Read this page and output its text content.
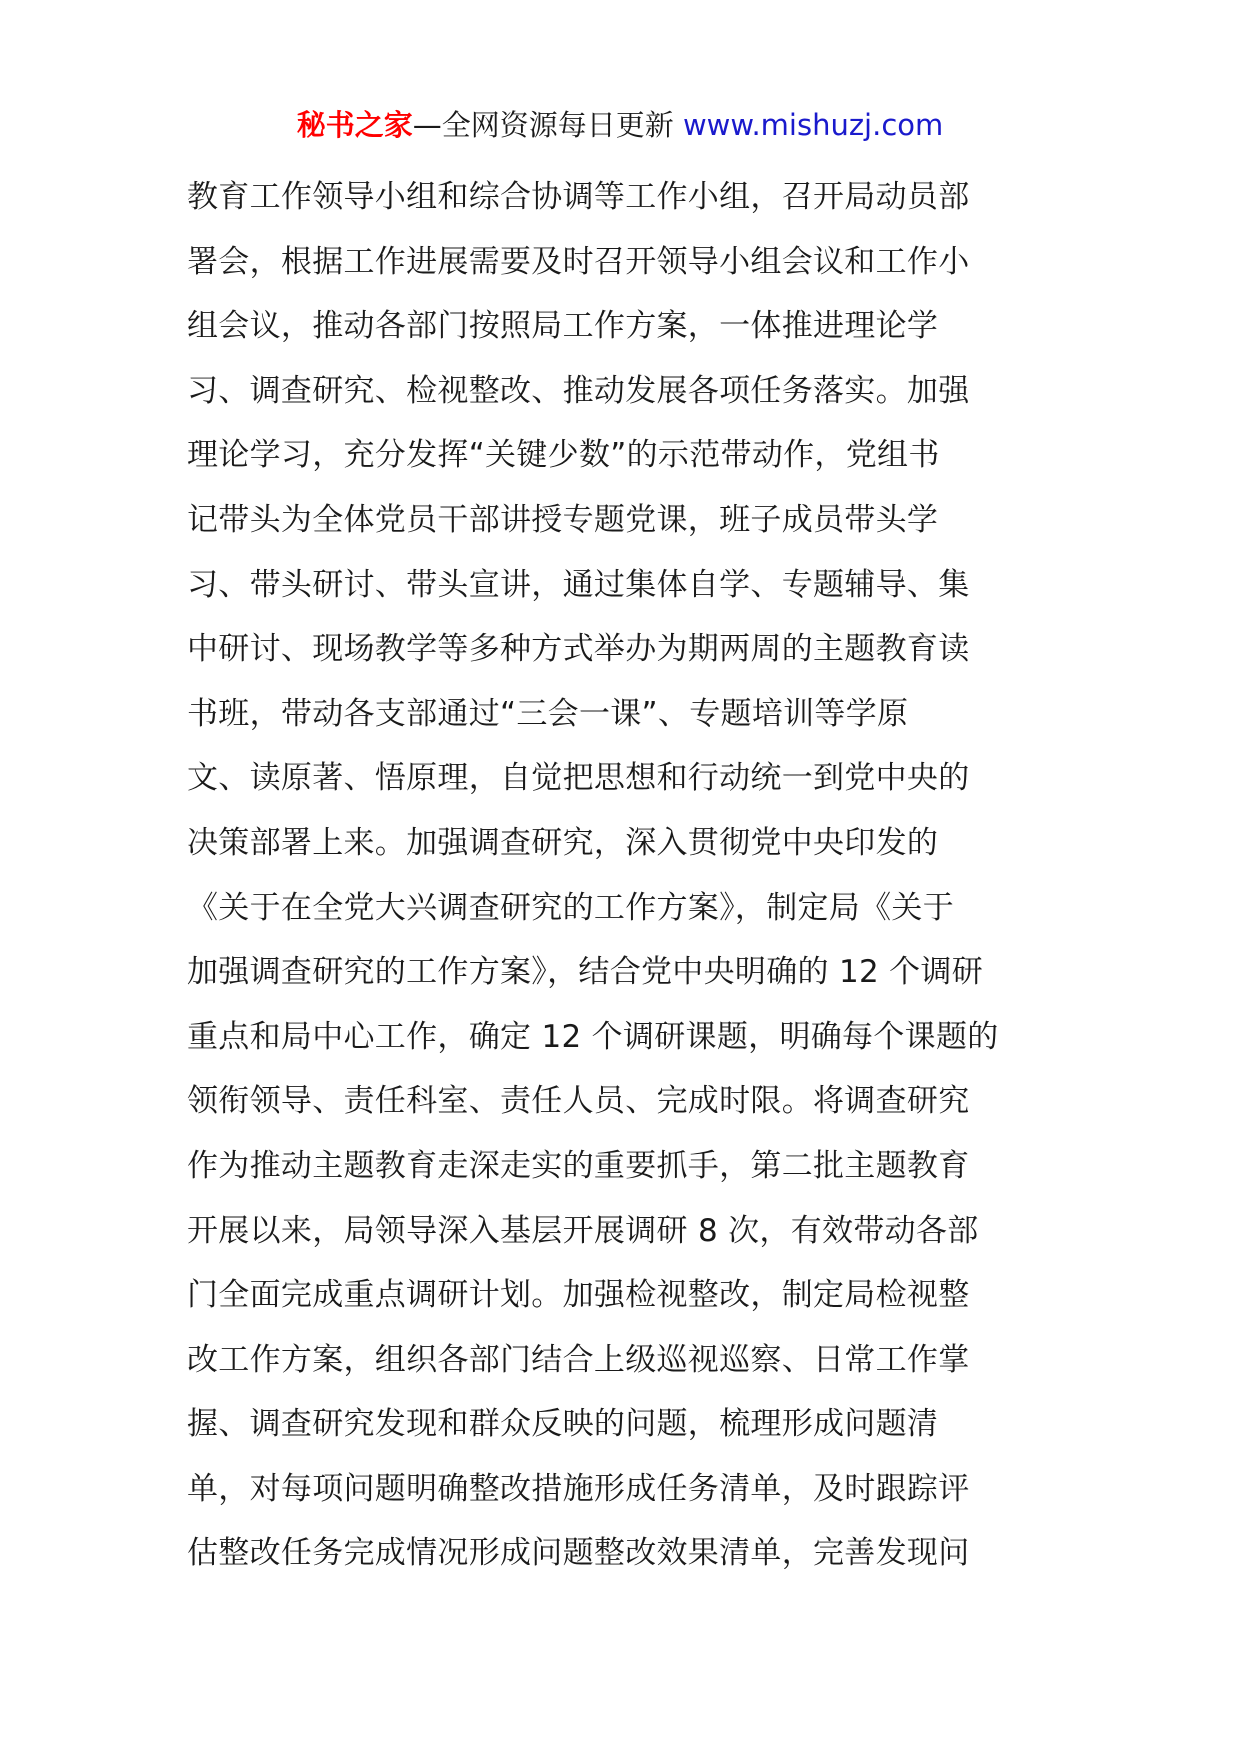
秘书之家—全网资源每日更新 www.mishuzj.com
教育工作领导小组和综合协调等工作小组，召开局动员部
署会，根据工作进展需要及时召开领导小组会议和工作小
组会议，推动各部门按照局工作方案，一体推进理论学
习、调查研究、检视整改、推动发展各项任务落实。加强
理论学习，充分发挥“关键少数”的示范带动作，党组书
记带头为全体党员干部讲授专题党课，班子成员带头学
习、带头研讨、带头宣讲，通过集体自学、专题辅导、集
中研讨、现场教学等多种方式举办为期两周的主题教育读
书班，带动各支部通过“三会一课”、专题培训等学原
文、读原著、悟原理，自觉把思想和行动统一到党中央的
决策部署上来。加强调查研究，深入贯彻党中央印发的
《关于在全党大兴调查研究的工作方案》，制定局《关于
加强调查研究的工作方案》，结合党中央明确的 12 个调研
重点和局中心工作，确定 12 个调研课题，明确每个课题的
领衔领导、责任科室、责任人员、完成时限。将调查研究
作为推动主题教育走深走实的重要抓手，第二批主题教育
开展以来，局领导深入基层开展调研 8 次，有效带动各部
门全面完成重点调研计划。加强检视整改，制定局检视整
改工作方案，组织各部门结合上级巡视巡察、日常工作掌
握、调查研究发现和群众反映的问题，梳理形成问题清
单，对每项问题明确整改措施形成任务清单，及时跟踪评
估整改任务完成情况形成问题整改效果清单，完善发现问
